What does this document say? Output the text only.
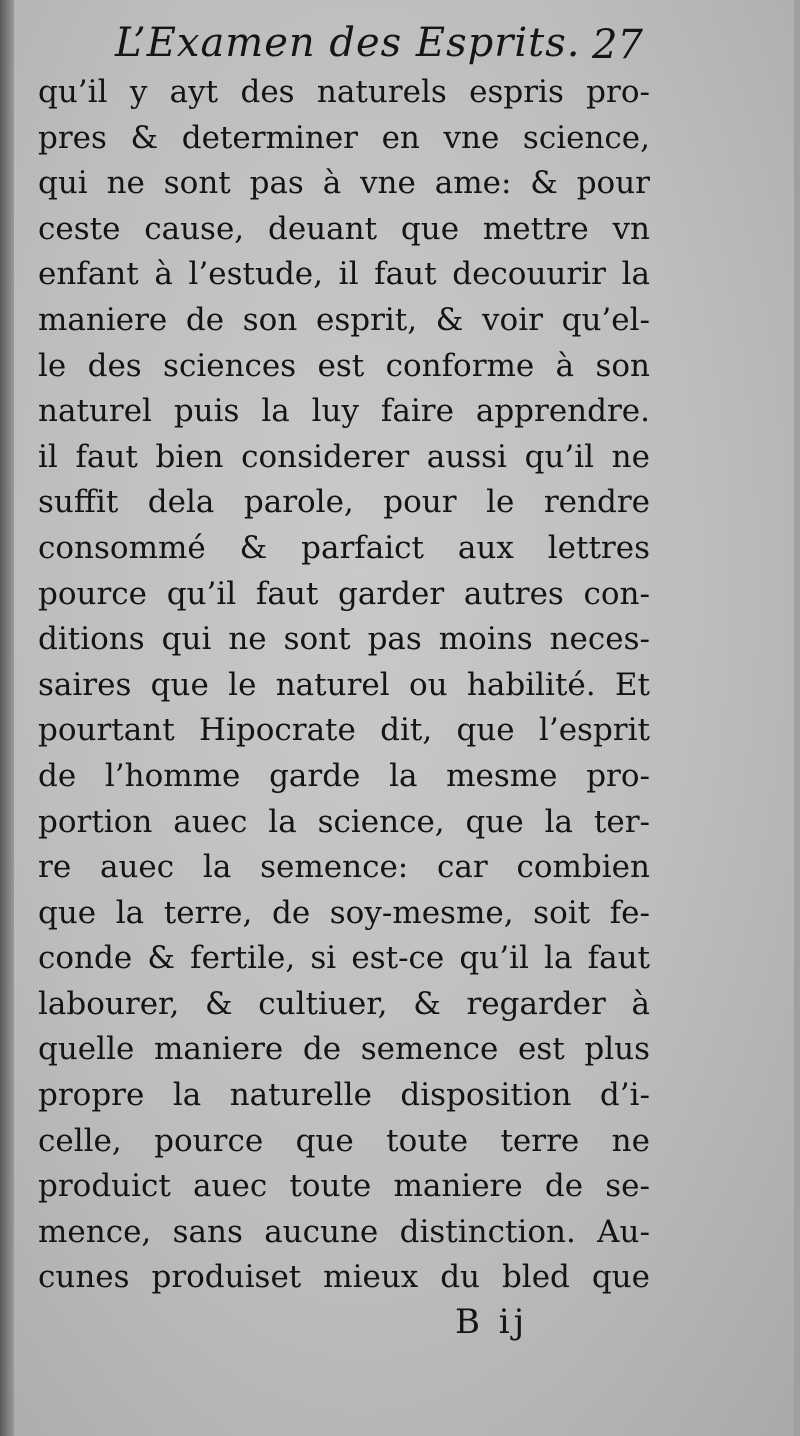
L’Examen des Esprits. 27
qu’il y ayt des naturels espris pro-
pres & determiner en vne science,
qui ne sont pas à vne ame: & pour
ceste cause, deuant que mettre vn
enfant à l’estude, il faut decouurir la
maniere de son esprit, & voir qu’el-
le des sciences est conforme à son
naturel puis la luy faire apprendre.
il faut bien considerer aussi qu’il ne
suffit dela parole, pour le rendre
consommé & parfaict aux lettres
pource qu’il faut garder autres con-
ditions qui ne sont pas moins neces-
saires que le naturel ou habilité. Et
pourtant Hipocrate dit, que l’esprit
de l’homme garde la mesme pro-
portion auec la science, que la ter-
re auec la semence: car combien
que la terre, de soy-mesme, soit fe-
conde & fertile, si est-ce qu’il la faut
labourer, & cultiuer, & regarder à
quelle maniere de semence est plus
propre la naturelle disposition d’i-
celle, pource que toute terre ne
produict auec toute maniere de se-
mence, sans aucune distinction. Au-
cunes produiset mieux du bled que
B ij
